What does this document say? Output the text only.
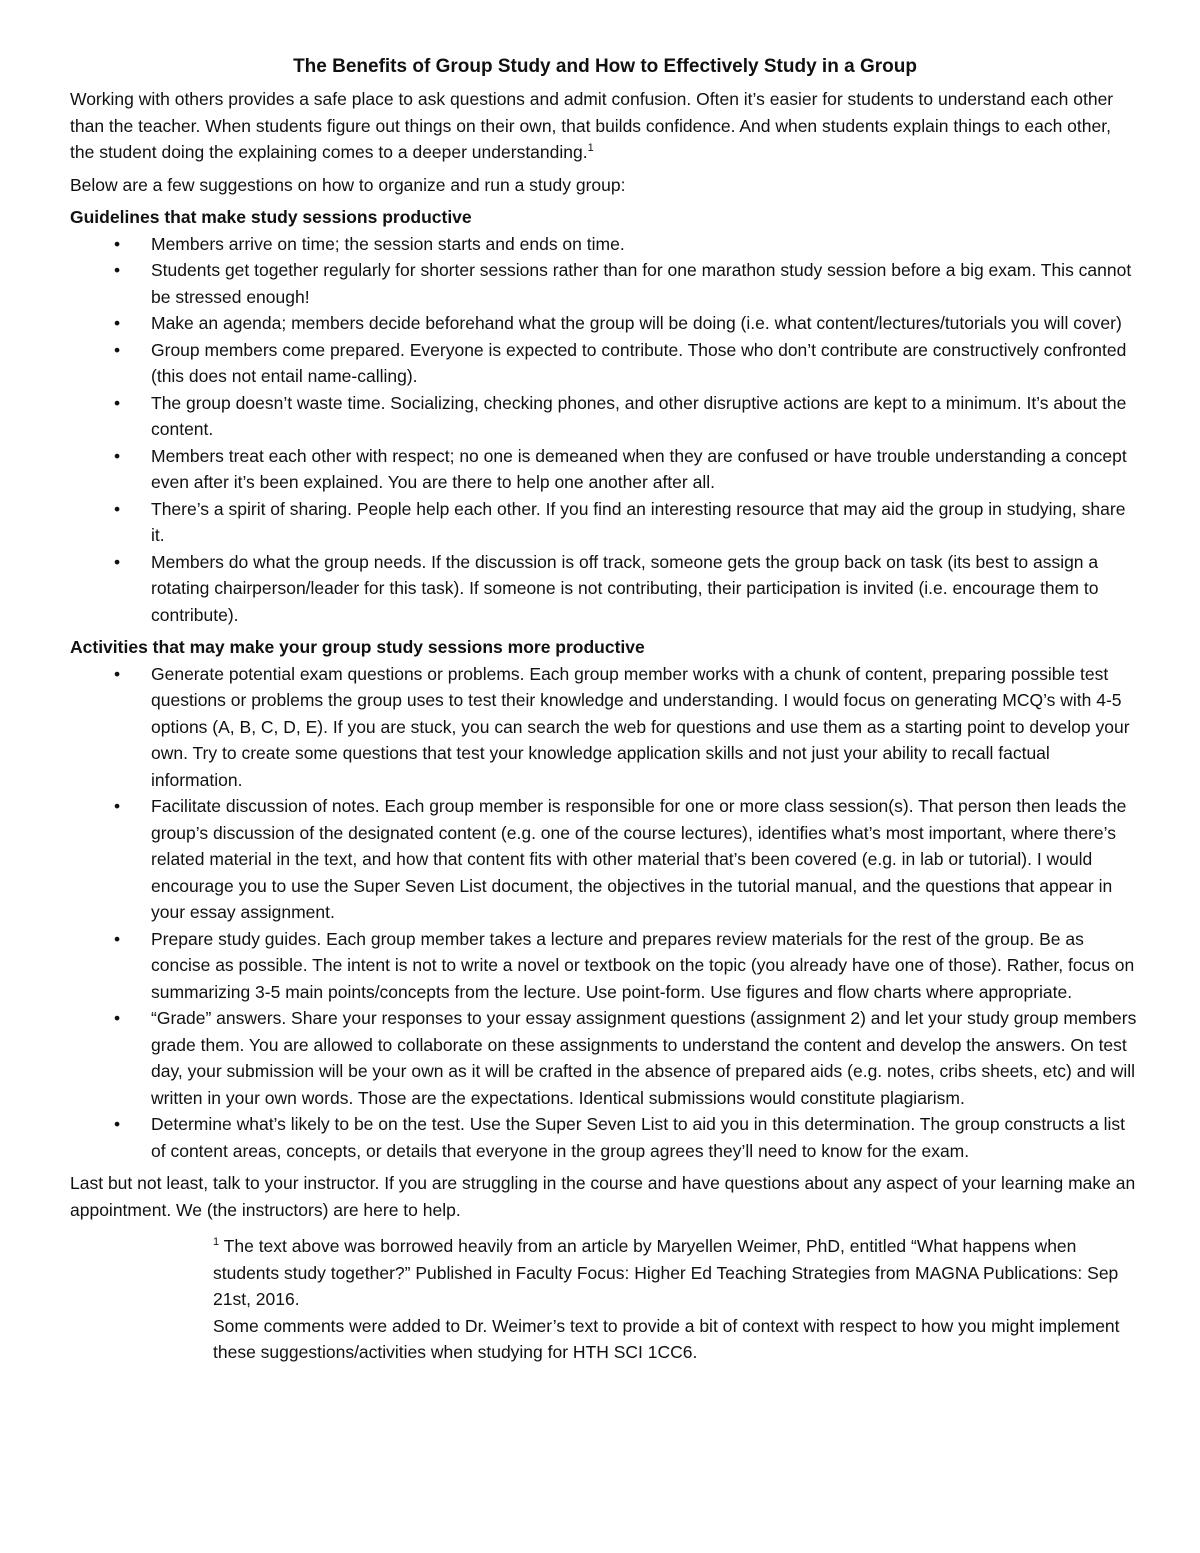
The Benefits of Group Study and How to Effectively Study in a Group

Working with others provides a safe place to ask questions and admit confusion. Often it’s easier for students to understand each other than the teacher. When students figure out things on their own, that builds confidence. And when students explain things to each other, the student doing the explaining comes to a deeper understanding.$^1$

Below are a few suggestions on how to organize and run a study group:

Guidelines that make study sessions productive

• Members arrive on time; the session starts and ends on time.
• Students get together regularly for shorter sessions rather than for one marathon study session before a big exam. This cannot be stressed enough!
• Make an agenda; members decide beforehand what the group will be doing (i.e. what content/lectures/tutorials you will cover)
• Group members come prepared. Everyone is expected to contribute. Those who don’t contribute are constructively confronted (this does not entail name-calling).
• The group doesn’t waste time. Socializing, checking phones, and other disruptive actions are kept to a minimum. It’s about the content.
• Members treat each other with respect; no one is demeaned when they are confused or have trouble understanding a concept even after it’s been explained. You are there to help one another after all.
• There’s a spirit of sharing. People help each other. If you find an interesting resource that may aid the group in studying, share it.
• Members do what the group needs. If the discussion is off track, someone gets the group back on task (its best to assign a rotating chairperson/leader for this task). If someone is not contributing, their participation is invited (i.e. encourage them to contribute).

Activities that may make your group study sessions more productive

• Generate potential exam questions or problems. Each group member works with a chunk of content, preparing possible test questions or problems the group uses to test their knowledge and understanding. I would focus on generating MCQ’s with 4-5 options (A, B, C, D, E). If you are stuck, you can search the web for questions and use them as a starting point to develop your own. Try to create some questions that test your knowledge application skills and not just your ability to recall factual information.
• Facilitate discussion of notes. Each group member is responsible for one or more class session(s). That person then leads the group’s discussion of the designated content (e.g. one of the course lectures), identifies what’s most important, where there’s related material in the text, and how that content fits with other material that’s been covered (e.g. in lab or tutorial). I would encourage you to use the Super Seven List document, the objectives in the tutorial manual, and the questions that appear in your essay assignment.
• Prepare study guides. Each group member takes a lecture and prepares review materials for the rest of the group. Be as concise as possible. The intent is not to write a novel or textbook on the topic (you already have one of those). Rather, focus on summarizing 3-5 main points/concepts from the lecture. Use point-form. Use figures and flow charts where appropriate.
• “Grade” answers. Share your responses to your essay assignment questions (assignment 2) and let your study group members grade them. You are allowed to collaborate on these assignments to understand the content and develop the answers. On test day, your submission will be your own as it will be crafted in the absence of prepared aids (e.g. notes, cribs sheets, etc) and will written in your own words. Those are the expectations. Identical submissions would constitute plagiarism.
• Determine what’s likely to be on the test. Use the Super Seven List to aid you in this determination. The group constructs a list of content areas, concepts, or details that everyone in the group agrees they’ll need to know for the exam.

Last but not least, talk to your instructor. If you are struggling in the course and have questions about any aspect of your learning make an appointment. We (the instructors) are here to help.

$^1$ The text above was borrowed heavily from an article by Maryellen Weimer, PhD, entitled “What happens when students study together?” Published in Faculty Focus: Higher Ed Teaching Strategies from MAGNA Publications: Sep 21st, 2016.

Some comments were added to Dr. Weimer’s text to provide a bit of context with respect to how you might implement these suggestions/activities when studying for HTH SCI 1CC6.
